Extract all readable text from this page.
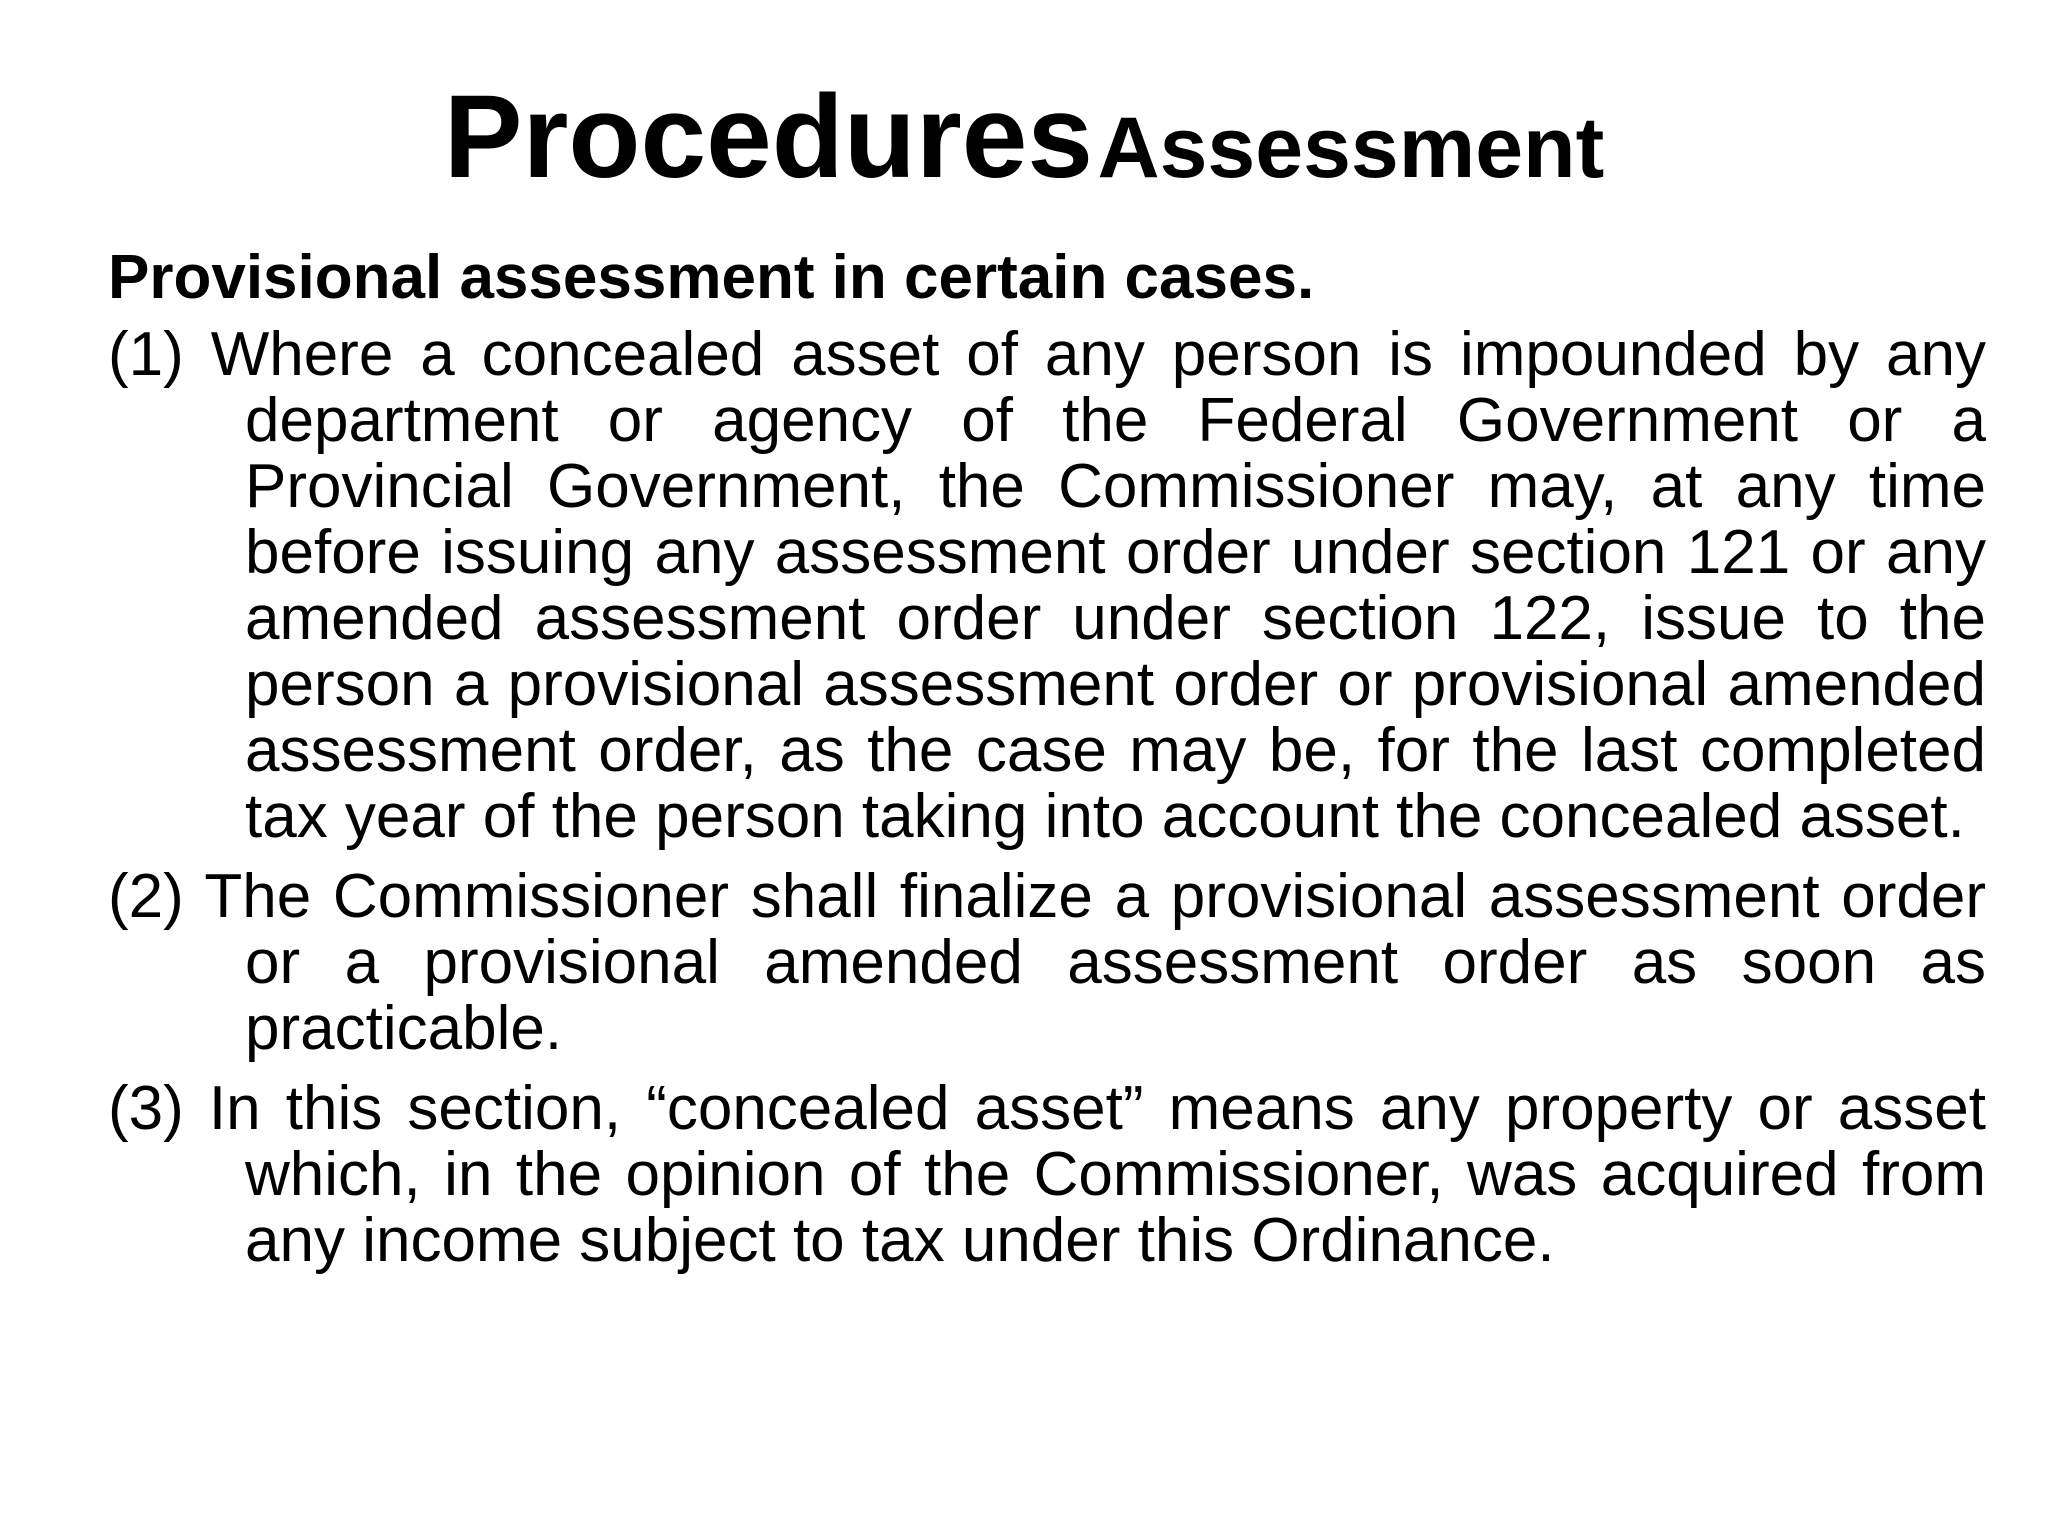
Procedures Assessment
Provisional assessment in certain cases.

(1) Where a concealed asset of any person is impounded by any department or agency of the Federal Government or a Provincial Government, the Commissioner may, at any time before issuing any assessment order under section 121 or any amended assessment order under section 122, issue to the person a provisional assessment order or provisional amended assessment order, as the case may be, for the last completed tax year of the person taking into account the concealed asset.

(2) The Commissioner shall finalize a provisional assessment order or a provisional amended assessment order as soon as practicable.

(3) In this section, “concealed asset” means any property or asset which, in the opinion of the Commissioner, was acquired from any income subject to tax under this Ordinance.
